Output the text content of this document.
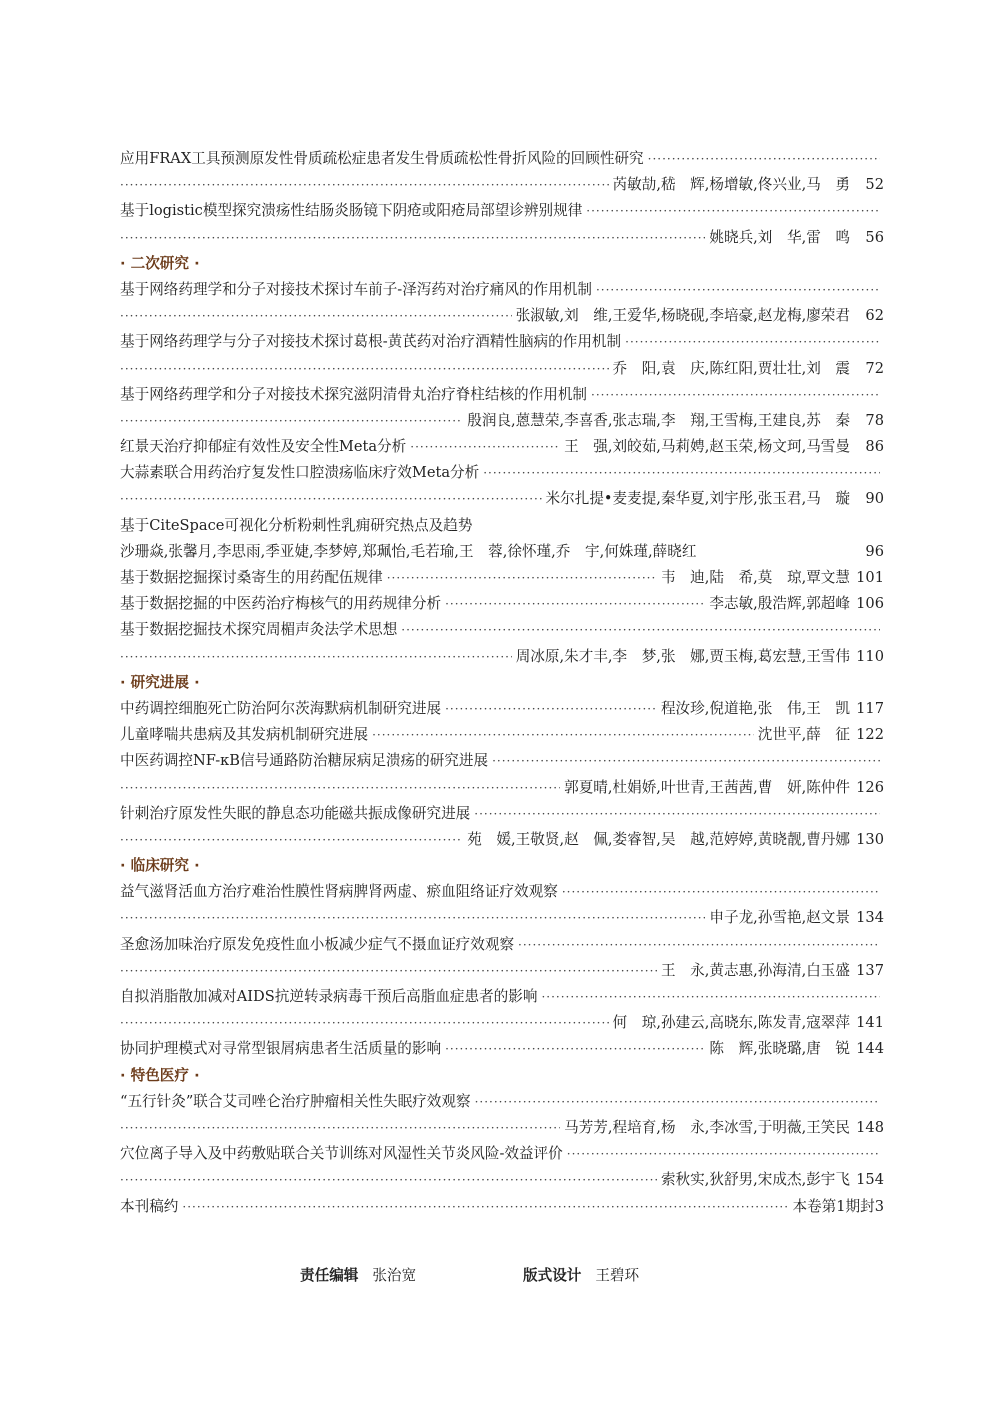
应用FRAX工具预测原发性骨质疏松症患者发生骨质疏松性骨折风险的回顾性研究
·····
·····
芮敏劼,嵇　辉,杨增敏,佟兴业,马　勇	52
基于logistic模型探究溃疡性结肠炎肠镜下阴疮或阳疮局部望诊辨别规律
·····
·····
姚晓兵,刘　华,雷　鸣	56
· 二次研究 ·
基于网络药理学和分子对接技术探讨车前子-泽泻药对治疗痛风的作用机制
·····
·····
张淑敏,刘　维,王爱华,杨晓砚,李培豪,赵龙梅,廖荣君	62
基于网络药理学与分子对接技术探讨葛根-黄芪药对治疗酒精性脑病的作用机制
·····
·····
乔　阳,袁　庆,陈红阳,贾壮壮,刘　震	72
基于网络药理学和分子对接技术探究滋阴清骨丸治疗脊柱结核的作用机制
·····
·····
殷润良,蒽慧荣,李喜香,张志瑞,李　翔,王雪梅,王建良,苏　秦	78
红景天治疗抑郁症有效性及安全性Meta分析 ·····	王　强,刘皎茹,马莉娉,赵玉荣,杨文珂,马雪曼	86
大蒜素联合用药治疗复发性口腔溃疡临床疗效Meta分析
·····
·····
米尔扎提•麦麦提,秦华夏,刘宇彤,张玉君,马　璇	90
基于CiteSpace可视化分析粉刺性乳痈研究热点及趋势
沙珊焱,张馨月,李思雨,季亚婕,李梦婷,郑珮怡,毛若瑜,王　蓉,徐怀瑾,乔　宇,何姝瑾,薛晓红	96
基于数据挖掘探讨桑寄生的用药配伍规律 ·····	韦　迪,陆　希,莫　琼,覃文慧 101
基于数据挖掘的中医药治疗梅核气的用药规律分析 ·····	李志敏,殷浩辉,郭超峰 106
基于数据挖掘技术探究周楣声灸法学术思想
·····
·····
周冰原,朱才丰,李　梦,张　娜,贾玉梅,葛宏慧,王雪伟 110
· 研究进展 ·
中药调控细胞死亡防治阿尔茨海默病机制研究进展 ·····	程汝珍,倪道艳,张　伟,王　凯 117
儿童哮喘共患病及其发病机制研究进展 ·····	沈世平,薛　征 122
中医药调控NF-κB信号通路防治糖尿病足溃疡的研究进展
·····
·····
郭夏晴,杜娟娇,叶世青,王茜茜,曹　妍,陈仲件 126
针刺治疗原发性失眠的静息态功能磁共振成像研究进展
·····
·····
苑　媛,王敬贤,赵　佩,娄睿智,吴　越,范婷婷,黄晓靓,曹丹娜 130
· 临床研究 ·
益气滋肾活血方治疗难治性膜性肾病脾肾两虚、瘀血阻络证疗效观察
·····
·····
申子龙,孙雪艳,赵文景 134
圣愈汤加味治疗原发免疫性血小板减少症气不摄血证疗效观察
·····
·····
王　永,黄志惠,孙海清,白玉盛 137
自拟消脂散加减对AIDS抗逆转录病毒干预后高脂血症患者的影响
·····
·····
何　琼,孙建云,高晓东,陈发青,寇翠萍 141
协同护理模式对寻常型银屑病患者生活质量的影响 ·····	陈　辉,张晓璐,唐　锐 144
· 特色医疗 ·
“五行针灸”联合艾司唑仑治疗肿瘤相关性失眠疗效观察
·····
·····
马芳芳,程培育,杨　永,李冰雪,于明薇,王笑民 148
穴位离子导入及中药敷贴联合关节训练对风湿性关节炎风险-效益评价
·····
·····
索秋实,狄舒男,宋成杰,彭宇飞 154
本刊稿约 ·····	本卷第1期封3
责任编辑 张治宽	版式设计 王碧环
